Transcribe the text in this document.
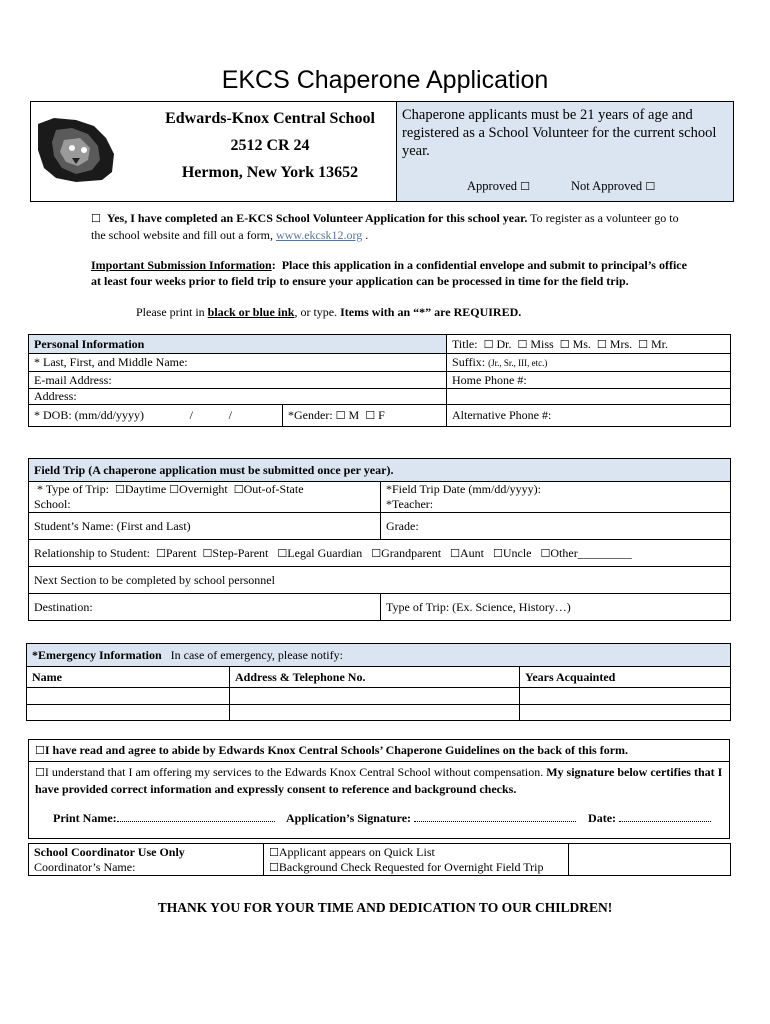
EKCS Chaperone Application
EKC
Edwards-Knox Central School
2512 CR 24
Hermon, New York 13652
Chaperone applicants must be 21 years of age and registered as a School Volunteer for the current school year.
Approved ☐	Not Approved ☐
☐ Yes, I have completed an E-KCS School Volunteer Application for this school year. To register as a volunteer go to the school website and fill out a form, www.ekcsk12.org .
Important Submission Information:  Place this application in a confidential envelope and submit to principal’s office at least four weeks prior to field trip to ensure your application can be processed in time for the field trip.
Please print in black or blue ink, or type. Items with an “*” are REQUIRED.
Personal Information		Title: ☐ Dr. ☐ Miss ☐ Ms. ☐ Mrs. ☐ Mr.
* Last, First, and Middle Name:		Suffix: (Jr., Sr., III, etc.)
E-mail Address:		Home Phone #:
Address:		
* DOB: (mm/dd/yyyy) / /	*Gender: ☐ M ☐ F	Alternative Phone #:
Field Trip (A chaperone application must be submitted once per year).	
* Type of Trip: ☐Daytime ☐Overnight ☐Out-of-State
School:	*Field Trip Date (mm/dd/yyyy):
*Teacher:
Student’s Name: (First and Last)	Grade:
Relationship to Student: ☐Parent ☐Step-Parent ☐Legal Guardian ☐Grandparent ☐Aunt ☐Uncle ☐Other_________	
Next Section to be completed by school personnel	
Destination:	Type of Trip: (Ex. Science, History…)
*Emergency Information In case of emergency, please notify:		
Name	Address & Telephone No.	Years Acquainted

☐I have read and agree to abide by Edwards Knox Central Schools’ Chaperone Guidelines on the back of this form.
☐I understand that I am offering my services to the Edwards Knox Central School without compensation. My signature below certifies that I have provided correct information and expressly consent to reference and background checks.
Print Name:	Application’s Signature:	Date:
School Coordinator Use Only
Coordinator’s Name:	☐Applicant appears on Quick List
☐Background Check Requested for Overnight Field Trip	
THANK YOU FOR YOUR TIME AND DEDICATION TO OUR CHILDREN!
